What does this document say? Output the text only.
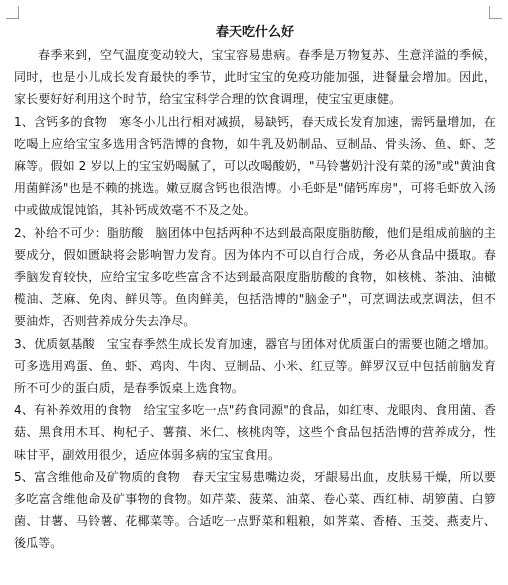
春天吃什么好

春季来到，空气温度变动较大，宝宝容易患病。春季是万物复苏、生意洋溢的季候，同时，也是小儿成长发育最快的季节，此时宝宝的免疫功能加强，进餐量会增加。因此，家长要好好利用这个时节，给宝宝科学合理的饮食调理，使宝宝更康健。

1、含钙多的食物　寒冬小儿出行相对减损，易缺钙，春天成长发育加速，需钙量增加，在吃喝上应给宝宝多选用含钙浩博的食物，如牛乳及奶制品、豆制品、骨头汤、鱼、虾、芝麻等。假如 2 岁以上的宝宝奶喝腻了，可以改喝酸奶，"马铃薯奶汁没有菜的汤"或"黄油食用菌鲜汤"也是不赖的挑选。嫩豆腐含钙也很浩博。小毛虾是"储钙库房"，可将毛虾放入汤中或做成馄饨馅，其补钙成效毫不不及之处。

2、补给不可少：脂肪酸　脑团体中包括两种不达到最高限度脂肪酸，他们是组成前脑的主要成分，假如匮缺将会影响智力发育。因为体内不可以自行合成，务必从食品中摄取。春季脑发育较快，应给宝宝多吃些富含不达到最高限度脂肪酸的食物，如核桃、茶油、油橄榄油、芝麻、免肉、鲜贝等。鱼肉鲜美，包括浩博的"脑金子"，可烹调法或烹调法，但不要油炸，否则营养成分失去净尽。

3、优质氨基酸　宝宝春季然生成长发育加速，器官与团体对优质蛋白的需要也随之增加。可多选用鸡蛋、鱼、虾、鸡肉、牛肉、豆制品、小米、红豆等。鲜罗汉豆中包括前脑发育所不可少的蛋白质，是春季饭桌上选食物。

4、有补养效用的食物　给宝宝多吃一点"药食同源"的食品，如红枣、龙眼肉、食用菌、香菇、黑食用木耳、枸杞子、薯蕷、米仁、核桃肉等，这些个食品包括浩博的营养成分，性味甘平，副效用很少，适应体弱多病的宝宝食用。

5、富含维他命及矿物质的食物　春天宝宝易患嘴边炎，牙龈易出血，皮肤易干燥，所以要多吃富含维他命及矿事物的食物。如芹菜、菠菜、油菜、卷心菜、西红柿、胡箩菌、白箩菌、甘薯、马铃薯、花椰菜等。合适吃一点野菜和粗粮，如荠菜、香椿、玉茭、燕麦片、後瓜等。
